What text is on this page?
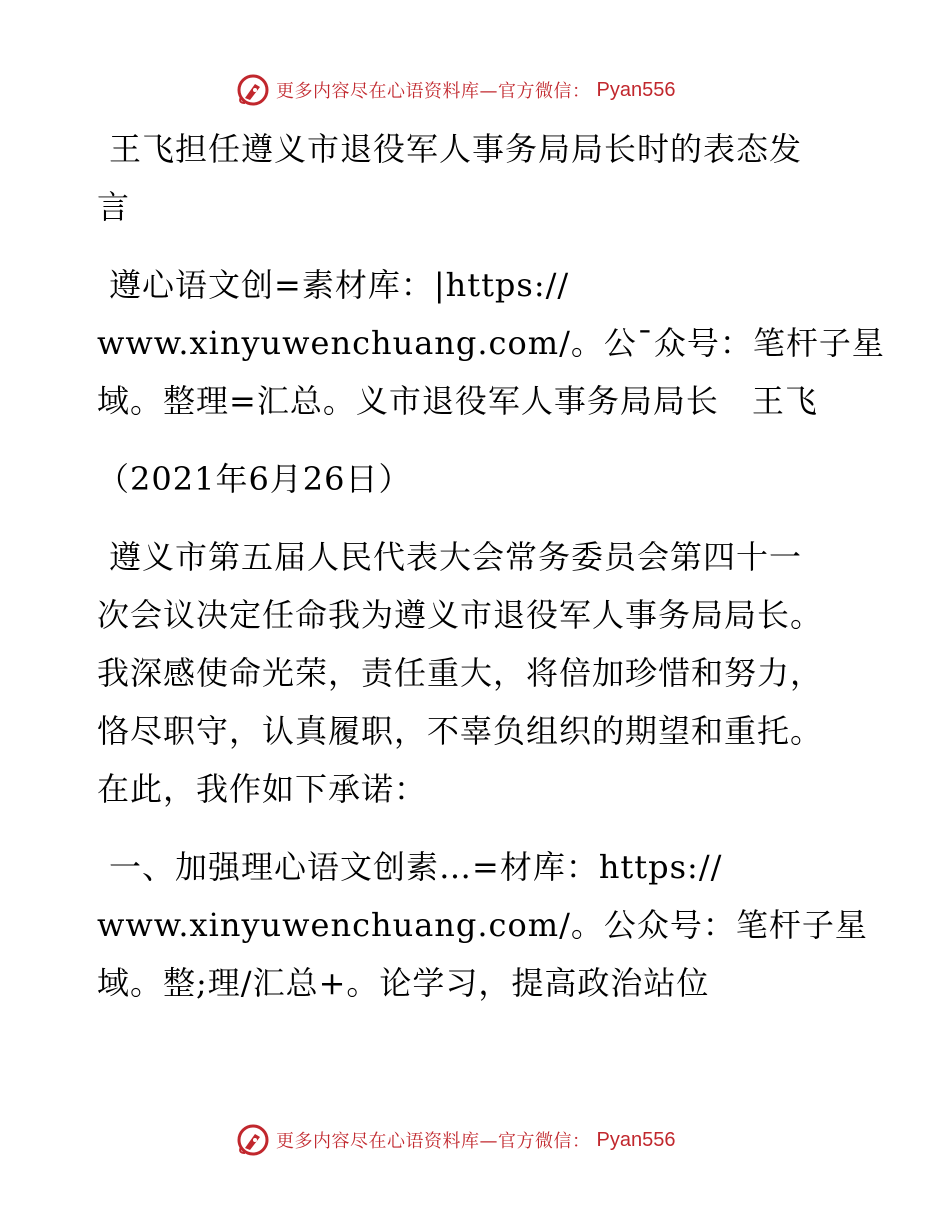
更多内容尽在心语资料库—官方微信： Pyan556
王飞担任遵义市退役军人事务局局长时的表态发
言
遵心语文创=素材库：|https://
www.xinyuwenchuang.com/。公¯众号：笔杆子星
域。整理=汇总。义市退役军人事务局局长　王飞
（2021年6月26日）
遵义市第五届人民代表大会常务委员会第四十一
次会议决定任命我为遵义市退役军人事务局局长。
我深感使命光荣，责任重大，将倍加珍惜和努力，
恪尽职守，认真履职，不辜负组织的期望和重托。
在此，我作如下承诺：
一、加强理心语文创素…=材库：https://
www.xinyuwenchuang.com/。公众号：笔杆子星
域。整;理/汇总+。论学习，提高政治站位
更多内容尽在心语资料库—官方微信： Pyan556
